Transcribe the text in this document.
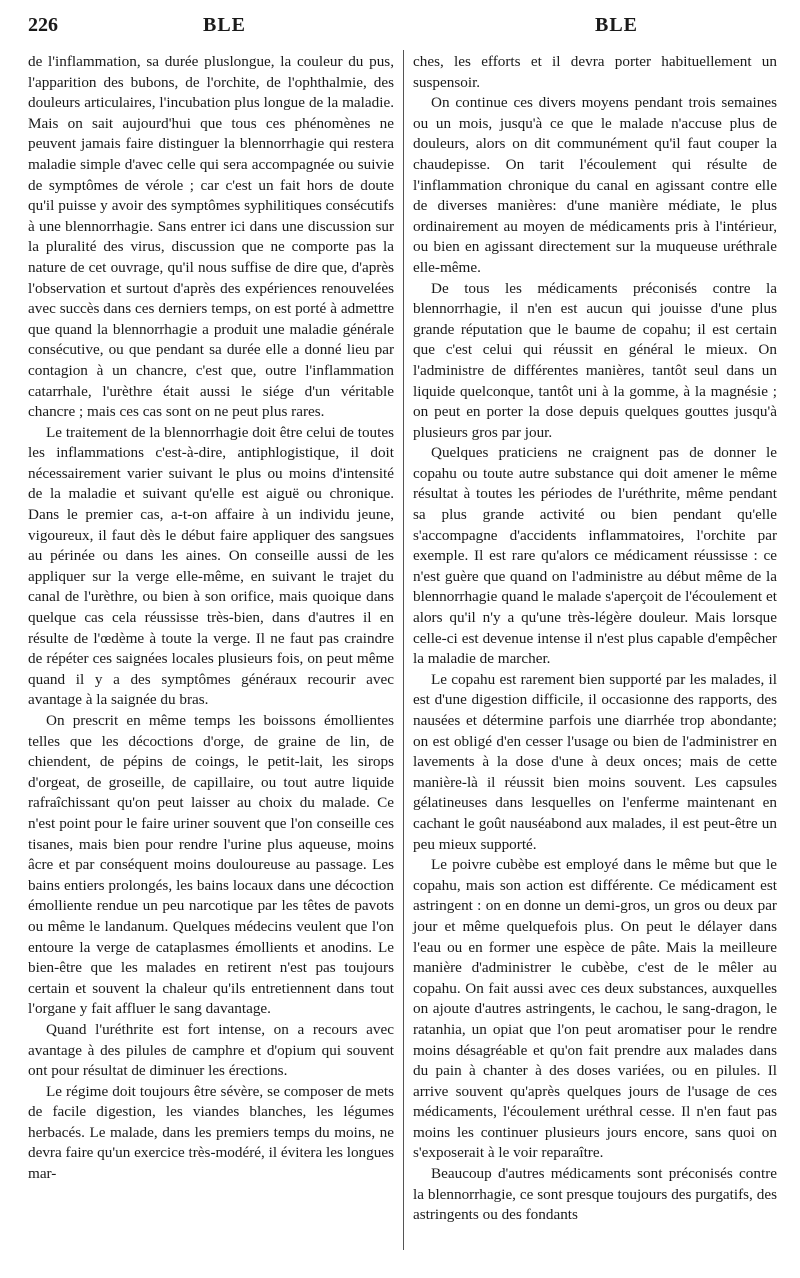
226	BLE	BLE

de l'inflammation, sa durée pluslongue, la couleur du pus, l'apparition des bubons, de l'orchite, de l'ophthalmie, des douleurs articulaires, l'incubation plus longue de la maladie. Mais on sait aujourd'hui que tous ces phénomènes ne peuvent jamais faire distinguer la blennorrhagie qui restera maladie simple d'avec celle qui sera accompagnée ou suivie de symptômes de vérole ; car c'est un fait hors de doute qu'il puisse y avoir des symptômes syphilitiques consécutifs à une blennorrhagie. Sans entrer ici dans une discussion sur la pluralité des virus, discussion que ne comporte pas la nature de cet ouvrage, qu'il nous suffise de dire que, d'après l'observation et surtout d'après des expériences renouvelées avec succès dans ces derniers temps, on est porté à admettre que quand la blennorrhagie a produit une maladie générale consécutive, ou que pendant sa durée elle a donné lieu par contagion à un chancre, c'est que, outre l'inflammation catarrhale, l'urèthre était aussi le siége d'un véritable chancre ; mais ces cas sont on ne peut plus rares.

Le traitement de la blennorrhagie doit être celui de toutes les inflammations c'est-à-dire, antiphlogistique, il doit nécessairement varier suivant le plus ou moins d'intensité de la maladie et suivant qu'elle est aiguë ou chronique. Dans le premier cas, a-t-on affaire à un individu jeune, vigoureux, il faut dès le début faire appliquer des sangsues au périnée ou dans les aines. On conseille aussi de les appliquer sur la verge elle-même, en suivant le trajet du canal de l'urèthre, ou bien à son orifice, mais quoique dans quelque cas cela réussisse très-bien, dans d'autres il en résulte de l'œdème à toute la verge. Il ne faut pas craindre de répéter ces saignées locales plusieurs fois, on peut même quand il y a des symptômes généraux recourir avec avantage à la saignée du bras.

On prescrit en même temps les boissons émollientes telles que les décoctions d'orge, de graine de lin, de chiendent, de pépins de coings, le petit-lait, les sirops d'orgeat, de groseille, de capillaire, ou tout autre liquide rafraîchissant qu'on peut laisser au choix du malade. Ce n'est point pour le faire uriner souvent que l'on conseille ces tisanes, mais bien pour rendre l'urine plus aqueuse, moins âcre et par conséquent moins douloureuse au passage. Les bains entiers prolongés, les bains locaux dans une décoction émolliente rendue un peu narcotique par les têtes de pavots ou même le landanum. Quelques médecins veulent que l'on entoure la verge de cataplasmes émollients et anodins. Le bien-être que les malades en retirent n'est pas toujours certain et souvent la chaleur qu'ils entretiennent dans tout l'organe y fait affluer le sang davantage.

Quand l'uréthrite est fort intense, on a recours avec avantage à des pilules de camphre et d'opium qui souvent ont pour résultat de diminuer les érections.

Le régime doit toujours être sévère, se composer de mets de facile digestion, les viandes blanches, les légumes herbacés. Le malade, dans les premiers temps du moins, ne devra faire qu'un exercice très-modéré, il évitera les longues mar-

ches, les efforts et il devra porter habituellement un suspensoir.

On continue ces divers moyens pendant trois semaines ou un mois, jusqu'à ce que le malade n'accuse plus de douleurs, alors on dit communément qu'il faut couper la chaudepisse. On tarit l'écoulement qui résulte de l'inflammation chronique du canal en agissant contre elle de diverses manières: d'une manière médiate, le plus ordinairement au moyen de médicaments pris à l'intérieur, ou bien en agissant directement sur la muqueuse uréthrale elle-même.

De tous les médicaments préconisés contre la blennorrhagie, il n'en est aucun qui jouisse d'une plus grande réputation que le baume de copahu; il est certain que c'est celui qui réussit en général le mieux. On l'administre de différentes manières, tantôt seul dans un liquide quelconque, tantôt uni à la gomme, à la magnésie ; on peut en porter la dose depuis quelques gouttes jusqu'à plusieurs gros par jour.

Quelques praticiens ne craignent pas de donner le copahu ou toute autre substance qui doit amener le même résultat à toutes les périodes de l'uréthrite, même pendant sa plus grande activité ou bien pendant qu'elle s'accompagne d'accidents inflammatoires, l'orchite par exemple. Il est rare qu'alors ce médicament réussisse : ce n'est guère que quand on l'administre au début même de la blennorrhagie quand le malade s'aperçoit de l'écoulement et alors qu'il n'y a qu'une très-légère douleur. Mais lorsque celle-ci est devenue intense il n'est plus capable d'empêcher la maladie de marcher.

Le copahu est rarement bien supporté par les malades, il est d'une digestion difficile, il occasionne des rapports, des nausées et détermine parfois une diarrhée trop abondante; on est obligé d'en cesser l'usage ou bien de l'administrer en lavements à la dose d'une à deux onces; mais de cette manière-là il réussit bien moins souvent. Les capsules gélatineuses dans lesquelles on l'enferme maintenant en cachant le goût nauséabond aux malades, il est peut-être un peu mieux supporté.

Le poivre cubèbe est employé dans le même but que le copahu, mais son action est différente. Ce médicament est astringent : on en donne un demi-gros, un gros ou deux par jour et même quelquefois plus. On peut le délayer dans l'eau ou en former une espèce de pâte. Mais la meilleure manière d'administrer le cubèbe, c'est de le mêler au copahu. On fait aussi avec ces deux substances, auxquelles on ajoute d'autres astringents, le cachou, le sang-dragon, le ratanhia, un opiat que l'on peut aromatiser pour le rendre moins désagréable et qu'on fait prendre aux malades dans du pain à chanter à des doses variées, ou en pilules. Il arrive souvent qu'après quelques jours de l'usage de ces médicaments, l'écoulement uréthral cesse. Il n'en faut pas moins les continuer plusieurs jours encore, sans quoi on s'exposerait à le voir reparaître.

Beaucoup d'autres médicaments sont préconisés contre la blennorrhagie, ce sont presque toujours des purgatifs, des astringents ou des fondants
